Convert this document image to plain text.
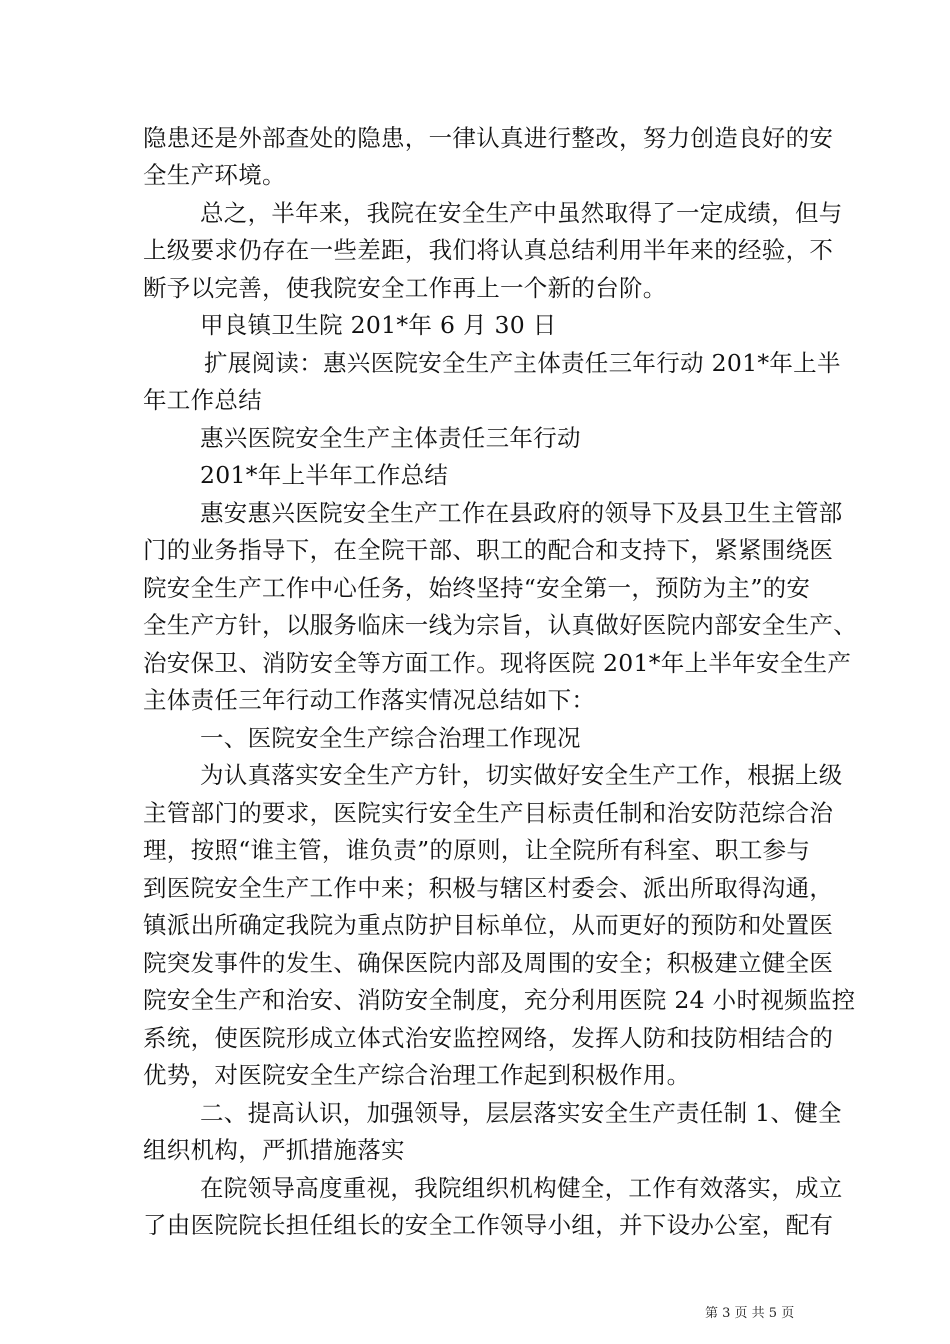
隐患还是外部查处的隐患，一律认真进行整改，努力创造良好的安
全生产环境。
总之，半年来，我院在安全生产中虽然取得了一定成绩，但与
上级要求仍存在一些差距，我们将认真总结利用半年来的经验，不
断予以完善，使我院安全工作再上一个新的台阶。
甲良镇卫生院 201*年 6 月 30 日
扩展阅读：惠兴医院安全生产主体责任三年行动 201*年上半
年工作总结
惠兴医院安全生产主体责任三年行动
201*年上半年工作总结
惠安惠兴医院安全生产工作在县政府的领导下及县卫生主管部
门的业务指导下，在全院干部、职工的配合和支持下，紧紧围绕医
院安全生产工作中心任务，始终坚持“安全第一，预防为主”的安
全生产方针，以服务临床一线为宗旨，认真做好医院内部安全生产、
治安保卫、消防安全等方面工作。现将医院 201*年上半年安全生产
主体责任三年行动工作落实情况总结如下：
一、医院安全生产综合治理工作现况
为认真落实安全生产方针，切实做好安全生产工作，根据上级
主管部门的要求，医院实行安全生产目标责任制和治安防范综合治
理，按照“谁主管，谁负责”的原则，让全院所有科室、职工参与
到医院安全生产工作中来；积极与辖区村委会、派出所取得沟通，
镇派出所确定我院为重点防护目标单位，从而更好的预防和处置医
院突发事件的发生、确保医院内部及周围的安全；积极建立健全医
院安全生产和治安、消防安全制度，充分利用医院 24 小时视频监控
系统，使医院形成立体式治安监控网络，发挥人防和技防相结合的
优势，对医院安全生产综合治理工作起到积极作用。
二、提高认识，加强领导，层层落实安全生产责任制 1、健全
组织机构，严抓措施落实
在院领导高度重视，我院组织机构健全，工作有效落实，成立
了由医院院长担任组长的安全工作领导小组，并下设办公室，配有
第 3 页 共 5 页
